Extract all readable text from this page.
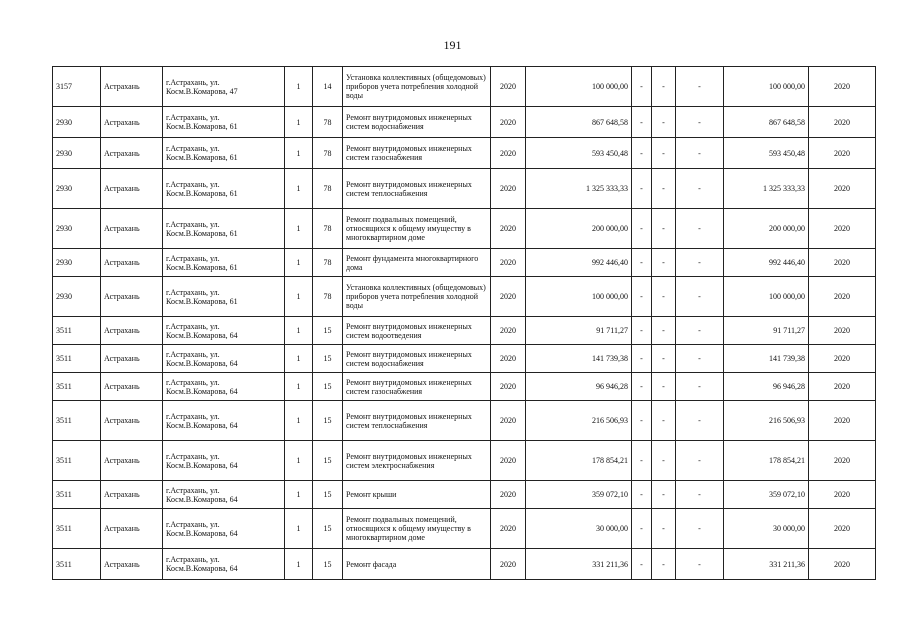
191
3157	Астрахань	г.Астрахань, ул. Косм.В.Комарова, 47	1	14	Установка коллективных (общедомовых) приборов учета потребления холодной воды	2020	100 000,00	-	-	-	100 000,00	2020
2930	Астрахань	г.Астрахань, ул. Косм.В.Комарова, 61	1	78	Ремонт внутридомовых инженерных систем водоснабжения	2020	867 648,58	-	-	-	867 648,58	2020
2930	Астрахань	г.Астрахань, ул. Косм.В.Комарова, 61	1	78	Ремонт внутридомовых инженерных систем газоснабжения	2020	593 450,48	-	-	-	593 450,48	2020
2930	Астрахань	г.Астрахань, ул. Косм.В.Комарова, 61	1	78	Ремонт внутридомовых инженерных систем теплоснабжения	2020	1 325 333,33	-	-	-	1 325 333,33	2020
2930	Астрахань	г.Астрахань, ул. Косм.В.Комарова, 61	1	78	Ремонт подвальных помещений, относящихся к общему имуществу в многоквартирном доме	2020	200 000,00	-	-	-	200 000,00	2020
2930	Астрахань	г.Астрахань, ул. Косм.В.Комарова, 61	1	78	Ремонт фундамента многоквартирного дома	2020	992 446,40	-	-	-	992 446,40	2020
2930	Астрахань	г.Астрахань, ул. Косм.В.Комарова, 61	1	78	Установка коллективных (общедомовых) приборов учета потребления холодной воды	2020	100 000,00	-	-	-	100 000,00	2020
3511	Астрахань	г.Астрахань, ул. Косм.В.Комарова, 64	1	15	Ремонт внутридомовых инженерных систем водоотведения	2020	91 711,27	-	-	-	91 711,27	2020
3511	Астрахань	г.Астрахань, ул. Косм.В.Комарова, 64	1	15	Ремонт внутридомовых инженерных систем водоснабжения	2020	141 739,38	-	-	-	141 739,38	2020
3511	Астрахань	г.Астрахань, ул. Косм.В.Комарова, 64	1	15	Ремонт внутридомовых инженерных систем газоснабжения	2020	96 946,28	-	-	-	96 946,28	2020
3511	Астрахань	г.Астрахань, ул. Косм.В.Комарова, 64	1	15	Ремонт внутридомовых инженерных систем теплоснабжения	2020	216 506,93	-	-	-	216 506,93	2020
3511	Астрахань	г.Астрахань, ул. Косм.В.Комарова, 64	1	15	Ремонт внутридомовых инженерных систем электроснабжения	2020	178 854,21	-	-	-	178 854,21	2020
3511	Астрахань	г.Астрахань, ул. Косм.В.Комарова, 64	1	15	Ремонт крыши	2020	359 072,10	-	-	-	359 072,10	2020
3511	Астрахань	г.Астрахань, ул. Косм.В.Комарова, 64	1	15	Ремонт подвальных помещений, относящихся к общему имуществу в многоквартирном доме	2020	30 000,00	-	-	-	30 000,00	2020
3511	Астрахань	г.Астрахань, ул. Косм.В.Комарова, 64	1	15	Ремонт фасада	2020	331 211,36	-	-	-	331 211,36	2020
